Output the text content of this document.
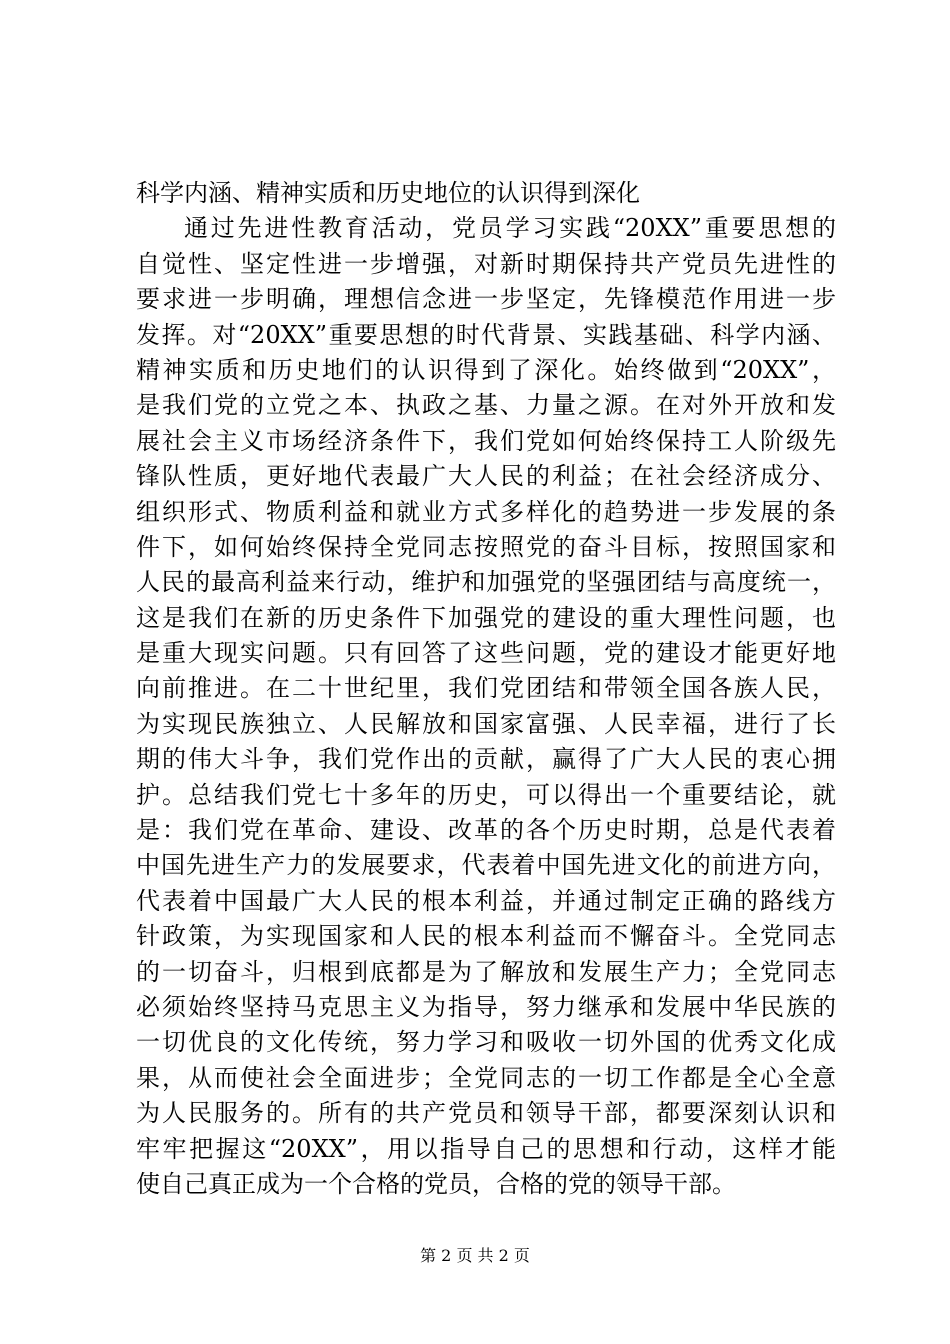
科学内涵、精神实质和历史地位的认识得到深化
通过先进性教育活动，党员学习实践“20XX”重要思想的
自觉性、坚定性进一步增强，对新时期保持共产党员先进性的
要求进一步明确，理想信念进一步坚定，先锋模范作用进一步
发挥。对“20XX”重要思想的时代背景、实践基础、科学内涵、
精神实质和历史地们的认识得到了深化。始终做到“20XX”，
是我们党的立党之本、执政之基、力量之源。在对外开放和发
展社会主义市场经济条件下，我们党如何始终保持工人阶级先
锋队性质，更好地代表最广大人民的利益；在社会经济成分、
组织形式、物质利益和就业方式多样化的趋势进一步发展的条
件下，如何始终保持全党同志按照党的奋斗目标，按照国家和
人民的最高利益来行动，维护和加强党的坚强团结与高度统一，
这是我们在新的历史条件下加强党的建设的重大理性问题，也
是重大现实问题。只有回答了这些问题，党的建设才能更好地
向前推进。在二十世纪里，我们党团结和带领全国各族人民，
为实现民族独立、人民解放和国家富强、人民幸福，进行了长
期的伟大斗争，我们党作出的贡献，赢得了广大人民的衷心拥
护。总结我们党七十多年的历史，可以得出一个重要结论，就
是：我们党在革命、建设、改革的各个历史时期，总是代表着
中国先进生产力的发展要求，代表着中国先进文化的前进方向，
代表着中国最广大人民的根本利益，并通过制定正确的路线方
针政策，为实现国家和人民的根本利益而不懈奋斗。全党同志
的一切奋斗，归根到底都是为了解放和发展生产力；全党同志
必须始终坚持马克思主义为指导，努力继承和发展中华民族的
一切优良的文化传统，努力学习和吸收一切外国的优秀文化成
果，从而使社会全面进步；全党同志的一切工作都是全心全意
为人民服务的。所有的共产党员和领导干部，都要深刻认识和
牢牢把握这“20XX”，用以指导自己的思想和行动，这样才能
使自己真正成为一个合格的党员，合格的党的领导干部。
第 2 页 共 2 页
